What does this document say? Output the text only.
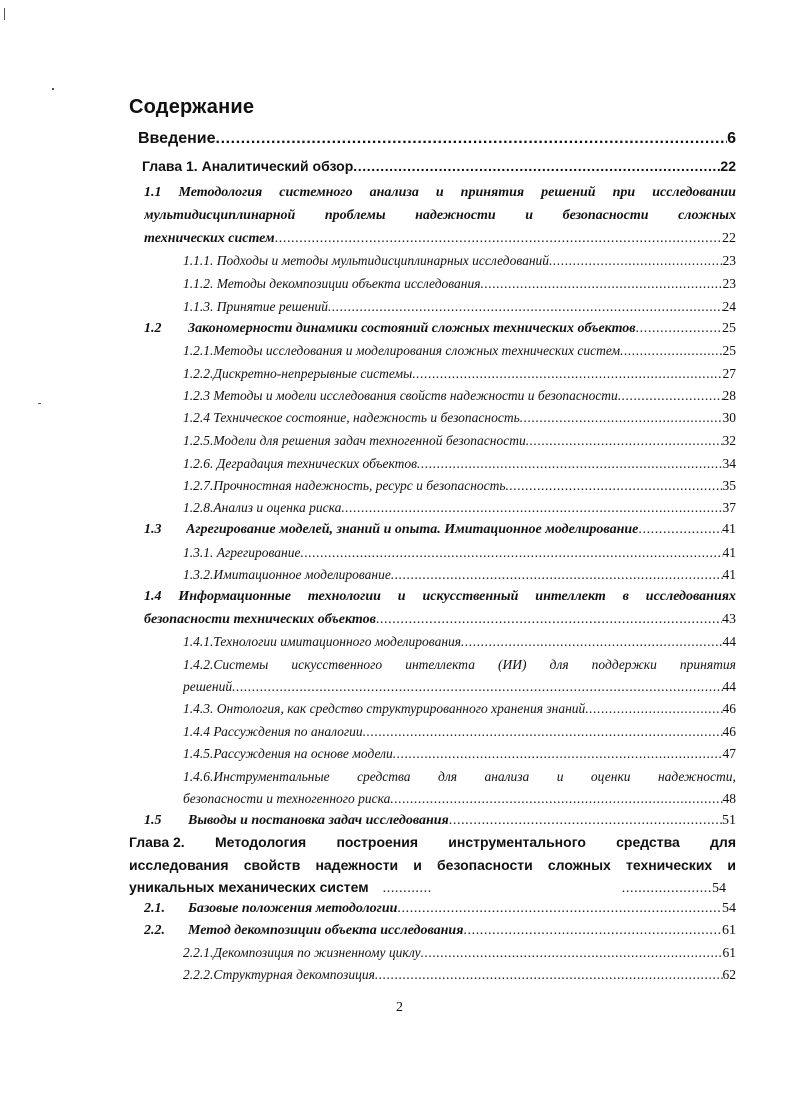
Содержание
Введение .....	6
Глава 1. Аналитический обзор .....	22
1.1 Методология системного анализа и принятия решений при исследовании
мультидисциплинарной проблемы надежности и безопасности сложных
технических систем .....	22
1.1.1. Подходы и методы мультидисциплинарных исследований .....	23
1.1.2. Методы декомпозиции объекта исследования .....	23
1.1.3. Принятие решений .....	24
1.2	Закономерности динамики состояний сложных технических объектов .....	25
1.2.1.Методы исследования и моделирования сложных технических систем .....	25
1.2.2.Дискретно-непрерывные системы .....	27
1.2.3 Методы и модели исследования свойств надежности и безопасности .....	28
1.2.4 Техническое состояние, надежность и безопасность .....	30
1.2.5.Модели для решения задач техногенной безопасности .....	32
1.2.6. Деградация технических объектов .....	34
1.2.7.Прочностная надежность, ресурс и безопасность .....	35
1.2.8.Анализ и оценка риска .....	37
1.3	Агрегирование моделей, знаний и опыта. Имитационное моделирование .....	41
1.3.1. Агрегирование .....	41
1.3.2.Имитационное моделирование .....	41
1.4 Информационные технологии и искусственный интеллект в исследованиях
безопасности технических объектов .....	43
1.4.1.Технологии имитационного моделирования .....	44
1.4.2.Системы искусственного интеллекта (ИИ) для поддержки принятия
решений .....	44
1.4.3. Онтология, как средство структурированного хранения знаний .....	46
1.4.4 Рассуждения по аналогии .....	46
1.4.5.Рассуждения на основе модели .....	47
1.4.6.Инструментальные средства для анализа и оценки надежности,
безопасности и техногенного риска .....	48
1.5	Выводы и постановка задач исследования .....	51
Глава 2. Методология построения инструментального средства для
исследования свойств надежности и безопасности сложных технических и
уникальных механических систем ............	...................... 54
2.1.	Базовые положения методологии .....	54
2.2.	Метод декомпозиции объекта исследования .....	61
2.2.1.Декомпозиция по жизненному циклу .....	61
2.2.2.Структурная декомпозиция .....	62
2
